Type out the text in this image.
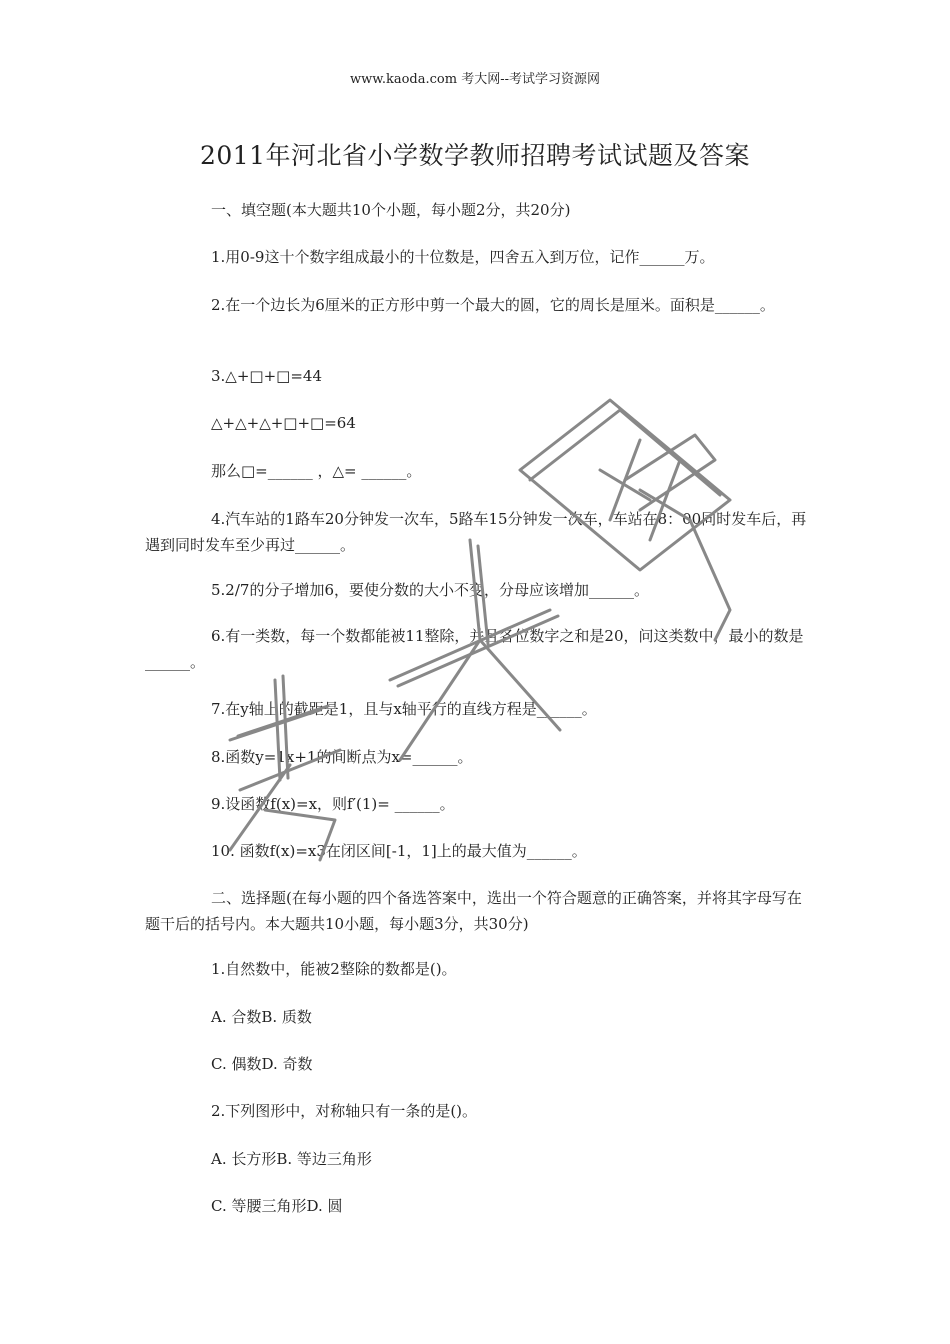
www.kaoda.com 考大网--考试学习资源网
2011年河北省小学数学教师招聘考试试题及答案
一、填空题(本大题共10个小题，每小题2分，共20分)
1.用0-9这十个数字组成最小的十位数是，四舍五入到万位，记作______万。
2.在一个边长为6厘米的正方形中剪一个最大的圆，它的周长是厘米。面积是______。
3.△+□+□=44
△+△+△+□+□=64
那么□=______ ，△= ______。
4.汽车站的1路车20分钟发一次车，5路车15分钟发一次车，车站在8：00同时发车后，再遇到同时发车至少再过______。
5.2/7的分子增加6，要使分数的大小不变，分母应该增加______。
6.有一类数，每一个数都能被11整除，并且各位数字之和是20，问这类数中，最小的数是______。
7.在y轴上的截距是1，且与x轴平行的直线方程是______。
8.函数y=1x+1的间断点为x=______。
9.设函数f(x)=x，则f′(1)= ______。
10. 函数f(x)=x3在闭区间[-1，1]上的最大值为______。
二、选择题(在每小题的四个备选答案中，选出一个符合题意的正确答案，并将其字母写在题干后的括号内。本大题共10小题，每小题3分，共30分)
1.自然数中，能被2整除的数都是()。
A. 合数B. 质数
C. 偶数D. 奇数
2.下列图形中，对称轴只有一条的是()。
A. 长方形B. 等边三角形
C. 等腰三角形D. 圆
